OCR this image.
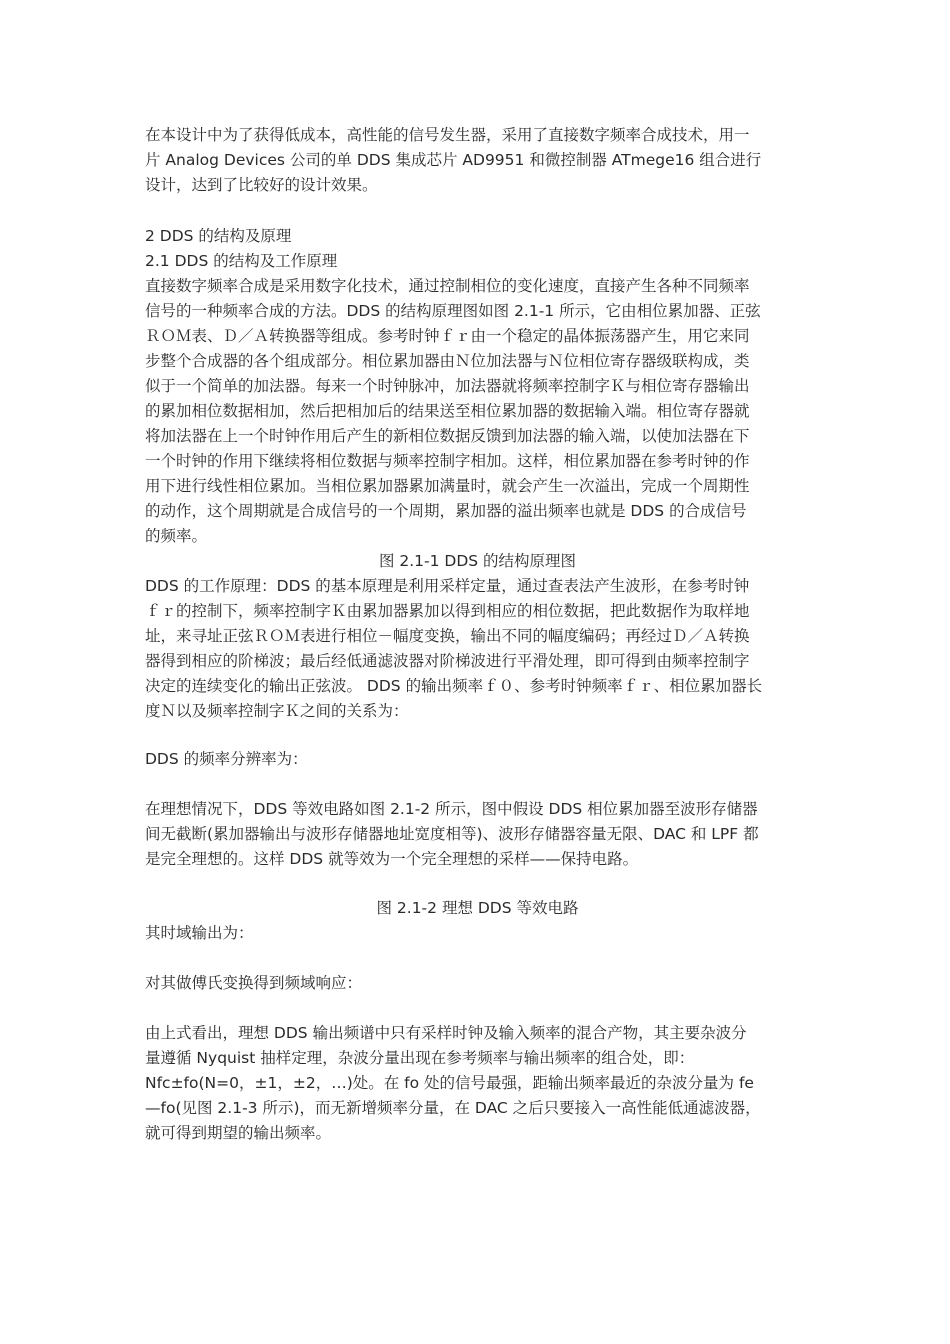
在本设计中为了获得低成本，高性能的信号发生器，采用了直接数字频率合成技术，用一
片 Analog Devices 公司的单 DDS 集成芯片 AD9951 和微控制器 ATmege16 组合进行
设计，达到了比较好的设计效果。
2 DDS 的结构及原理
2.1 DDS 的结构及工作原理
直接数字频率合成是采用数字化技术，通过控制相位的变化速度，直接产生各种不同频率
信号的一种频率合成的方法。DDS 的结构原理图如图 2.1-1 所示，它由相位累加器、正弦
ＲＯＭ表、Ｄ／Ａ转换器等组成。参考时钟ｆｒ由一个稳定的晶体振荡器产生，用它来同
步整个合成器的各个组成部分。相位累加器由Ｎ位加法器与Ｎ位相位寄存器级联构成，类
似于一个简单的加法器。每来一个时钟脉冲，加法器就将频率控制字Ｋ与相位寄存器输出
的累加相位数据相加，然后把相加后的结果送至相位累加器的数据输入端。相位寄存器就
将加法器在上一个时钟作用后产生的新相位数据反馈到加法器的输入端，以使加法器在下
一个时钟的作用下继续将相位数据与频率控制字相加。这样，相位累加器在参考时钟的作
用下进行线性相位累加。当相位累加器累加满量时，就会产生一次溢出，完成一个周期性
的动作，这个周期就是合成信号的一个周期，累加器的溢出频率也就是 DDS 的合成信号
的频率。
图 2.1-1 DDS 的结构原理图
DDS 的工作原理：DDS 的基本原理是利用采样定量，通过查表法产生波形，在参考时钟
ｆｒ的控制下，频率控制字Ｋ由累加器累加以得到相应的相位数据，把此数据作为取样地
址，来寻址正弦ＲＯＭ表进行相位－幅度变换，输出不同的幅度编码；再经过Ｄ／Ａ转换
器得到相应的阶梯波；最后经低通滤波器对阶梯波进行平滑处理，即可得到由频率控制字
决定的连续变化的输出正弦波。 DDS 的输出频率ｆ０、参考时钟频率ｆｒ、相位累加器长
度Ｎ以及频率控制字Ｋ之间的关系为：
DDS 的频率分辨率为：
在理想情况下，DDS 等效电路如图 2.1-2 所示，图中假设 DDS 相位累加器至波形存储器
间无截断(累加器输出与波形存储器地址宽度相等)、波形存储器容量无限、DAC 和 LPF 都
是完全理想的。这样 DDS 就等效为一个完全理想的采样——保持电路。
图 2.1-2 理想 DDS 等效电路
其时域输出为：
对其做傅氏变换得到频域响应：
由上式看出，理想 DDS 输出频谱中只有采样时钟及输入频率的混合产物，其主要杂波分
量遵循 Nyquist 抽样定理，杂波分量出现在参考频率与输出频率的组合处，即：
Nfc±fo(N=0，±1，±2，…)处。在 fo 处的信号最强，距输出频率最近的杂波分量为 fe
—fo(见图 2.1-3 所示)，而无新增频率分量，在 DAC 之后只要接入一高性能低通滤波器，
就可得到期望的输出频率。
